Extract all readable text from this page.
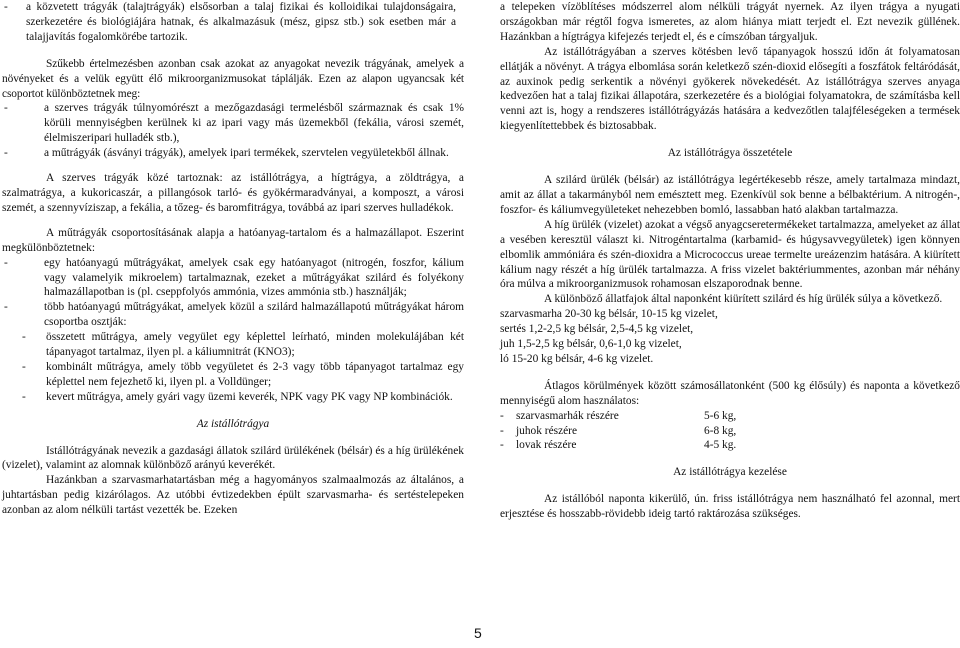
-	a közvetett trágyák (talajtrágyák) elsősorban a talaj fizikai és kolloidikai tulajdonságaira, szerkezetére és biológiájára hatnak, és alkalmazásuk (mész, gipsz stb.) sok esetben már a talajjavítás fogalomkörébe tartozik.

Szűkebb értelmezésben azonban csak azokat az anyagokat nevezik trágyának, amelyek a növényeket és a velük együtt élő mikroorganizmusokat táplálják. Ezen az alapon ugyancsak két csoportot különböztetnek meg:

-	a szerves trágyák túlnyomórészt a mezőgazdasági termelésből származnak és csak 1% körüli mennyiségben kerülnek ki az ipari vagy más üzemekből (fekália, városi szemét, élelmiszeripari hulladék stb.),
-	a műtrágyák (ásványi trágyák), amelyek ipari termékek, szervtelen vegyületekből állnak.

A szerves trágyák közé tartoznak: az istállótrágya, a hígtrágya, a zöldtrágya, a szalmatrágya, a kukoricaszár, a pillangósok tarló- és gyökérmaradványai, a komposzt, a városi szemét, a szennyvíziszap, a fekália, a tőzeg- és baromfitrágya, továbbá az ipari szerves hulladékok.

A műtrágyák csoportosításának alapja a hatóanyag-tartalom és a halmazállapot. Eszerint megkülönböztetnek:

-	egy hatóanyagú műtrágyákat, amelyek csak egy hatóanyagot (nitrogén, foszfor, kálium vagy valamelyik mikroelem) tartalmaznak, ezeket a műtrágyákat szilárd és folyékony halmazállapotban is (pl. cseppfolyós ammónia, vizes ammónia stb.) használják;
-	több hatóanyagú műtrágyákat, amelyek közül a szilárd halmazállapotú műtrágyákat három csoportba osztják:
-	összetett műtrágya, amely vegyület egy képlettel leírható, minden molekulájában két tápanyagot tartalmaz, ilyen pl. a káliumnitrát (KNO3);
-	kombinált műtrágya, amely több vegyületet és 2-3 vagy több tápanyagot tartalmaz egy képlettel nem fejezhető ki, ilyen pl. a Volldünger;
-	kevert műtrágya, amely gyári vagy üzemi keverék, NPK vagy PK vagy NP kombinációk.

Az istállótrágya

Istállótrágyának nevezik a gazdasági állatok szilárd ürülékének (bélsár) és a híg ürülékének (vizelet), valamint az alomnak különböző arányú keverékét.

Hazánkban a szarvasmarhatartásban még a hagyományos szalmaalmozás az általános, a juhtartásban pedig kizárólagos. Az utóbbi évtizedekben épült szarvasmarha- és sertéstelepeken azonban az alom nélküli tartást vezették be. Ezeken

a telepeken vízöblítéses módszerrel alom nélküli trágyát nyernek. Az ilyen trágya a nyugati országokban már régtől fogva ismeretes, az alom hiánya miatt terjedt el. Ezt nevezik güllének. Hazánkban a hígtrágya kifejezés terjedt el, és e címszóban tárgyaljuk.

Az istállótrágyában a szerves kötésben levő tápanyagok hosszú időn át folyamatosan ellátják a növényt. A trágya elbomlása során keletkező szén-dioxid elősegíti a foszfátok feltáródását, az auxinok pedig serkentik a növényi gyökerek növekedését. Az istállótrágya szerves anyaga kedvezően hat a talaj fizikai állapotára, szerkezetére és a biológiai folyamatokra, de számításba kell venni azt is, hogy a rendszeres istállótrágyázás hatására a kedvezőtlen talajféleségeken a termések kiegyenlítettebbek és biztosabbak.

Az istállótrágya összetétele

A szilárd ürülék (bélsár) az istállótrágya legértékesebb része, amely tartalmaza mindazt, amit az állat a takarmányból nem emésztett meg. Ezenkívül sok benne a bélbaktérium. A nitrogén-, foszfor- és káliumvegyületeket nehezebben bomló, lassabban ható alakban tartalmazza.

A híg ürülék (vizelet) azokat a végső anyagcseretermékeket tartalmazza, amelyeket az állat a vesében keresztül választ ki. Nitrogéntartalma (karbamid- és húgysavvegyületek) igen könnyen elbomlik ammóniára és szén-dioxidra a Micrococcus ureae termelte ureázenzim hatására. A kiürített kálium nagy részét a híg ürülék tartalmazza. A friss vizelet baktériummentes, azonban már néhány óra múlva a mikroorganizmusok rohamosan elszaporodnak benne.

A különböző állatfajok által naponként kiürített szilárd és híg ürülék súlya a következő.

szarvasmarha 20-30 kg bélsár, 10-15 kg vizelet,

sertés 1,2-2,5 kg bélsár, 2,5-4,5 kg vizelet,

juh 1,5-2,5 kg bélsár, 0,6-1,0 kg vizelet,

ló 15-20 kg bélsár, 4-6 kg vizelet.

Átlagos körülmények között számosállatonként (500 kg élősúly) és naponta a következő mennyiségű alom használatos:

-	szarvasmarhák részére	5-6 kg,
-	juhok részére	6-8 kg,
-	lovak részére	4-5 kg.

Az istállótrágya kezelése

Az istállóból naponta kikerülő, ún. friss istállótrágya nem használható fel azonnal, mert erjesztése és hosszabb-rövidebb ideig tartó raktározása szükséges.

5
